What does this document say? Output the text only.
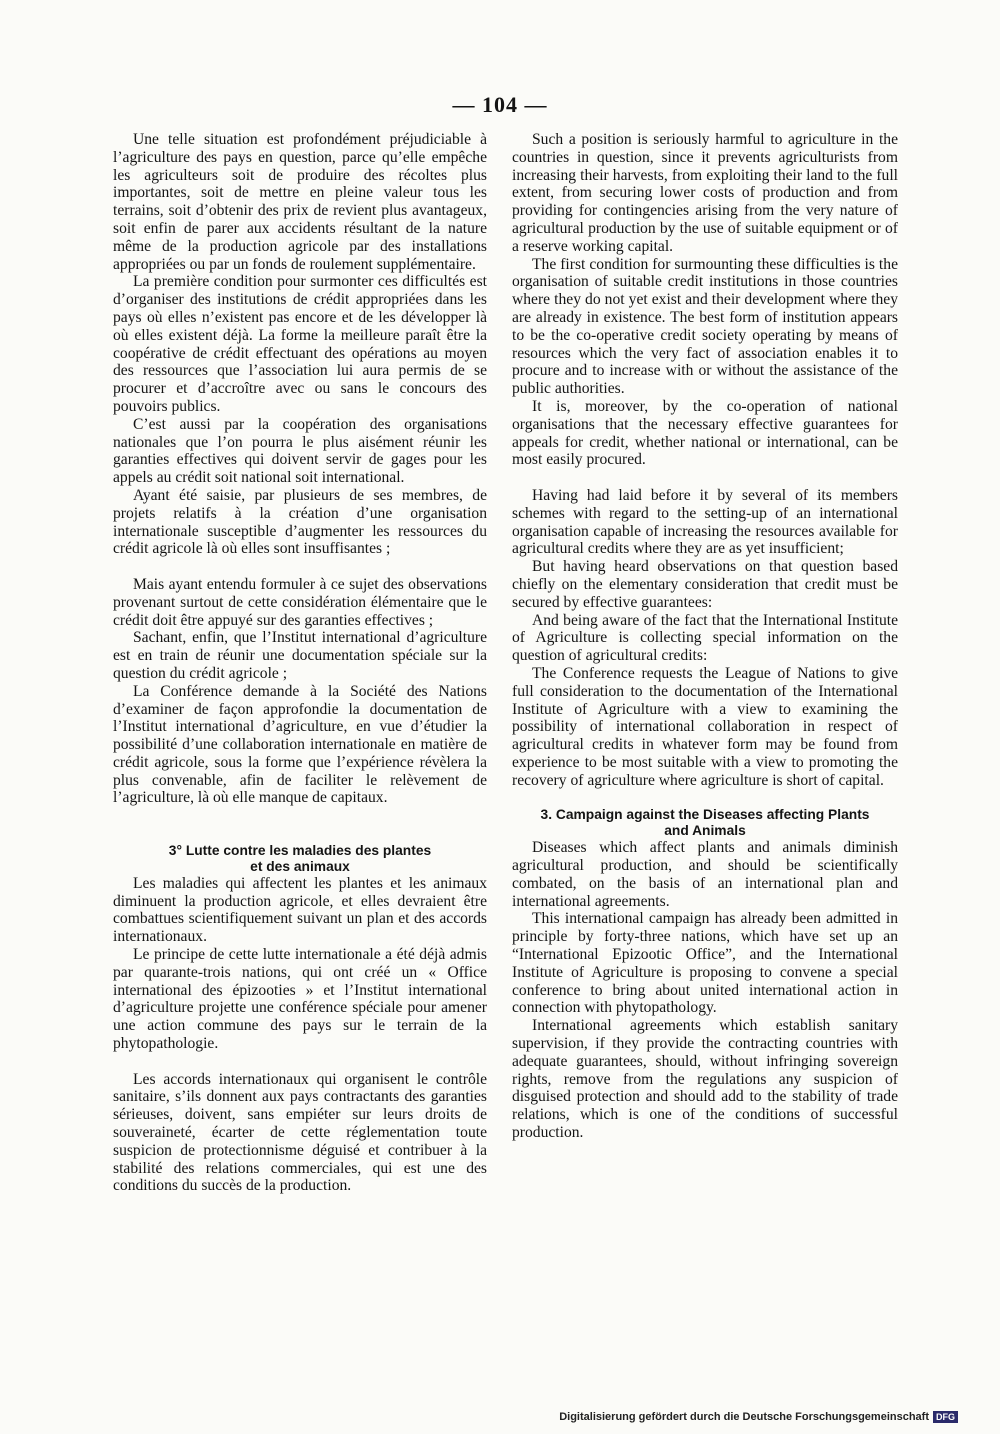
— 104 —

Une telle situation est profondément préjudiciable à l’agriculture des pays en question, parce qu’elle empêche les agriculteurs soit de produire des récoltes plus importantes, soit de mettre en pleine valeur tous les terrains, soit d’obtenir des prix de revient plus avantageux, soit enfin de parer aux accidents résultant de la nature même de la production agricole par des installations appropriées ou par un fonds de roulement supplémentaire.

La première condition pour surmonter ces difficultés est d’organiser des institutions de crédit appropriées dans les pays où elles n’existent pas encore et de les développer là où elles existent déjà. La forme la meilleure paraît être la coopérative de crédit effectuant des opérations au moyen des ressources que l’association lui aura permis de se procurer et d’accroître avec ou sans le concours des pouvoirs publics.

C’est aussi par la coopération des organisations nationales que l’on pourra le plus aisément réunir les garanties effectives qui doivent servir de gages pour les appels au crédit soit national soit international.

Ayant été saisie, par plusieurs de ses membres, de projets relatifs à la création d’une organisation internationale susceptible d’augmenter les ressources du crédit agricole là où elles sont insuffisantes ;

Mais ayant entendu formuler à ce sujet des observations provenant surtout de cette considération élémentaire que le crédit doit être appuyé sur des garanties effectives ;

Sachant, enfin, que l’Institut international d’agriculture est en train de réunir une documentation spéciale sur la question du crédit agricole ;

La Conférence demande à la Société des Nations d’examiner de façon approfondie la documentation de l’Institut international d’agriculture, en vue d’étudier la possibilité d’une collaboration internationale en matière de crédit agricole, sous la forme que l’expérience révèlera la plus convenable, afin de faciliter le relèvement de l’agriculture, là où elle manque de capitaux.

3° Lutte contre les maladies des plantes

et des animaux

Les maladies qui affectent les plantes et les animaux diminuent la production agricole, et elles devraient être combattues scientifiquement suivant un plan et des accords internationaux.

Le principe de cette lutte internationale a été déjà admis par quarante-trois nations, qui ont créé un « Office international des épizooties » et l’Institut international d’agriculture projette une conférence spéciale pour amener une action commune des pays sur le terrain de la phytopathologie.

Les accords internationaux qui organisent le contrôle sanitaire, s’ils donnent aux pays contractants des garanties sérieuses, doivent, sans empiéter sur leurs droits de souveraineté, écarter de cette réglementation toute suspicion de protectionnisme déguisé et contribuer à la stabilité des relations commerciales, qui est une des conditions du succès de la production.

Such a position is seriously harmful to agriculture in the countries in question, since it prevents agriculturists from increasing their harvests, from exploiting their land to the full extent, from securing lower costs of production and from providing for contingencies arising from the very nature of agricultural production by the use of suitable equipment or of a reserve working capital.

The first condition for surmounting these difficulties is the organisation of suitable credit institutions in those countries where they do not yet exist and their development where they are already in existence. The best form of institution appears to be the co-operative credit society operating by means of resources which the very fact of association enables it to procure and to increase with or without the assistance of the public authorities.

It is, moreover, by the co-operation of national organisations that the necessary effective guarantees for appeals for credit, whether national or international, can be most easily procured.

Having had laid before it by several of its members schemes with regard to the setting-up of an international organisation capable of increasing the resources available for agricultural credits where they are as yet insufficient;

But having heard observations on that question based chiefly on the elementary consideration that credit must be secured by effective guarantees:

And being aware of the fact that the International Institute of Agriculture is collecting special information on the question of agricultural credits:

The Conference requests the League of Nations to give full consideration to the documentation of the International Institute of Agriculture with a view to examining the possibility of international collaboration in respect of agricultural credits in whatever form may be found from experience to be most suitable with a view to promoting the recovery of agriculture where agriculture is short of capital.

3. Campaign against the Diseases affecting Plants

and Animals

Diseases which affect plants and animals diminish agricultural production, and should be scientifically combated, on the basis of an international plan and international agreements.

This international campaign has already been admitted in principle by forty-three nations, which have set up an “International Epizootic Office”, and the International Institute of Agriculture is proposing to convene a special conference to bring about united international action in connection with phytopathology.

International agreements which establish sanitary supervision, if they provide the contracting countries with adequate guarantees, should, without infringing sovereign rights, remove from the regulations any suspicion of disguised protection and should add to the stability of trade relations, which is one of the conditions of successful production.

Digitalisierung gefördert durch die Deutsche Forschungsgemeinschaft DFG
